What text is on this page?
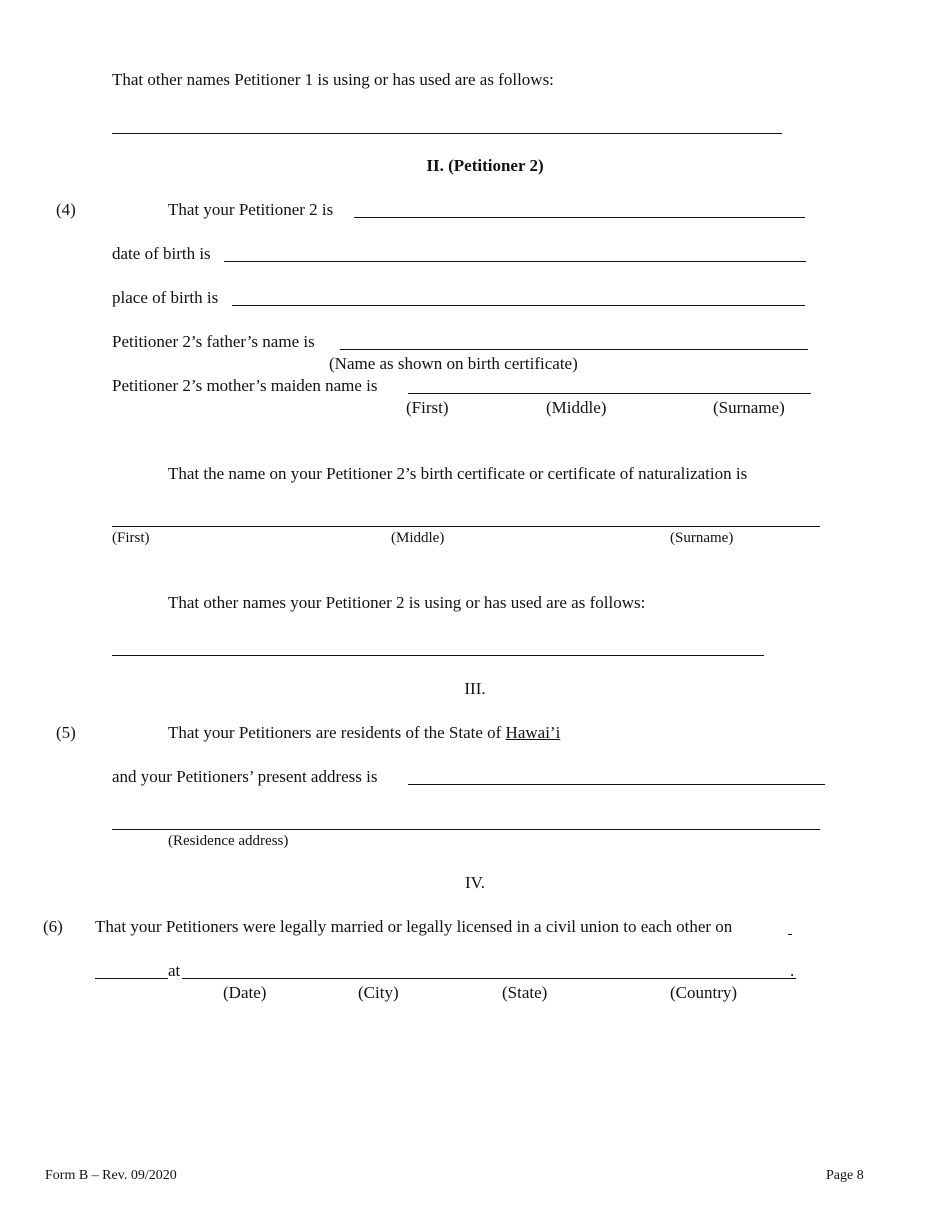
That other names Petitioner 1 is using or has used are as follows:
II. (Petitioner 2)
(4)	That your Petitioner 2 is
date of birth is
place of birth is
Petitioner 2’s father’s name is
(Name as shown on birth certificate)
Petitioner 2’s mother’s maiden name is
(First)	(Middle)	(Surname)
That the name on your Petitioner 2’s birth certificate or certificate of naturalization is
(First)	(Middle)	(Surname)
That other names your Petitioner 2 is using or has used are as follows:
III.
(5)	That your Petitioners are residents of the State of Hawai’i
and your Petitioners’ present address is
(Residence address)
IV.
(6) That your Petitioners were legally married or legally licensed in a civil union to each other on
at	.
(Date)	(City)	(State)	(Country)
Form B – Rev. 09/2020	Page 8
